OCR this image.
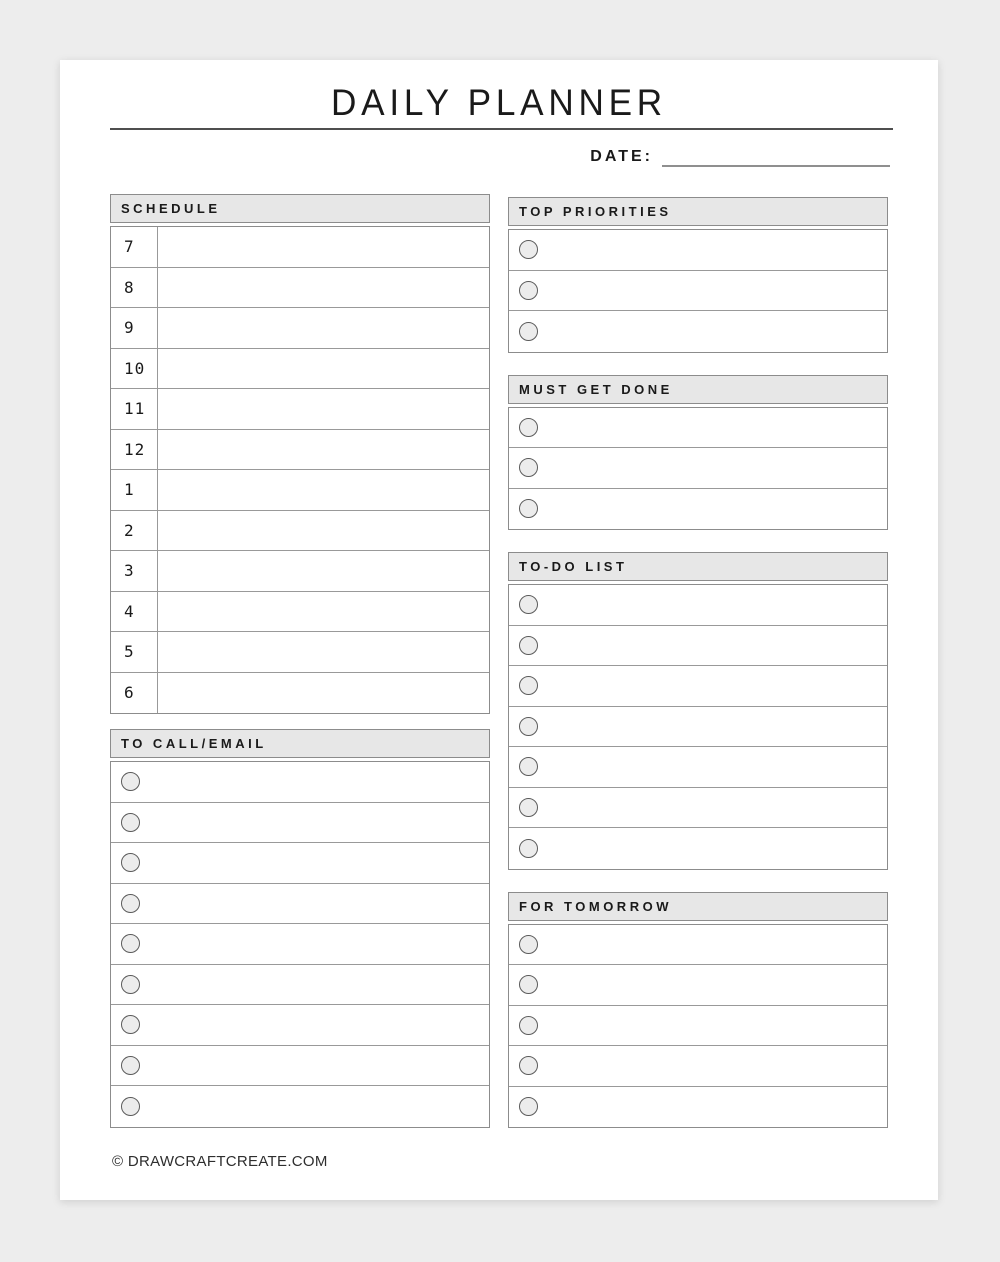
DAILY PLANNER
DATE:
SCHEDULE
7
8
9
10
11
12
1
2
3
4
5
6
TO CALL/EMAIL
TOP PRIORITIES
MUST GET DONE
TO-DO LIST
FOR TOMORROW
© DRAWCRAFTCREATE.COM
